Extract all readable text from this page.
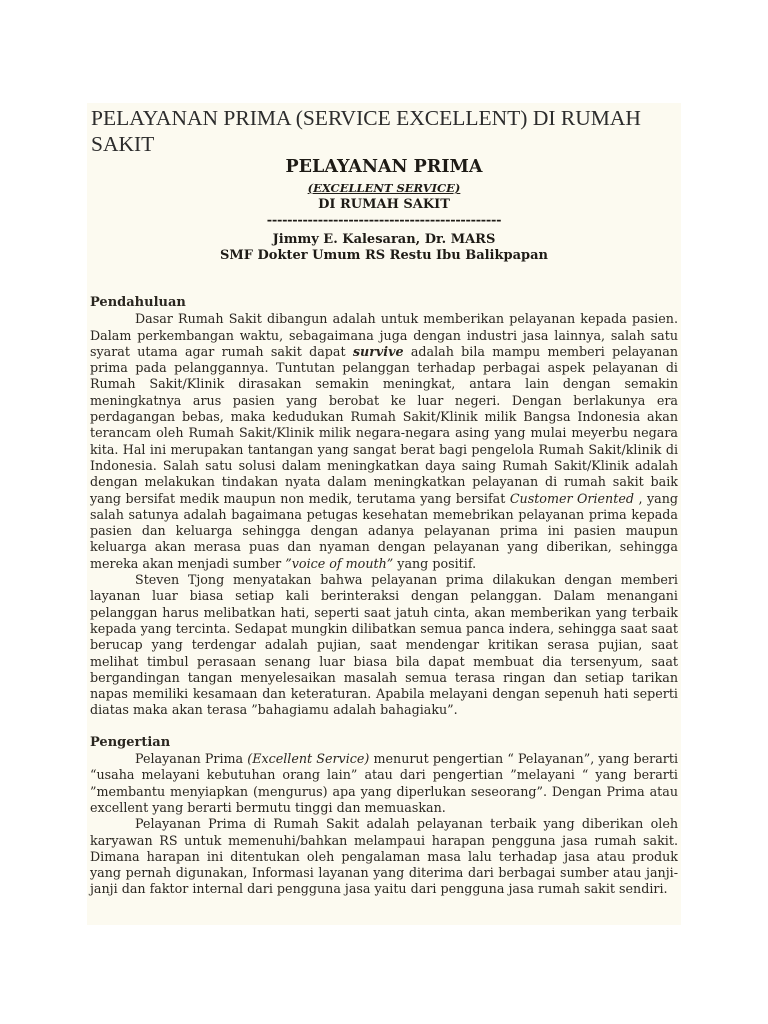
PELAYANAN PRIMA (SERVICE EXCELLENT) DI RUMAH SAKIT
PELAYANAN PRIMA
(EXCELLENT SERVICE)
DI RUMAH SAKIT
----------------------------------------------
Jimmy E. Kalesaran, Dr. MARS
SMF Dokter Umum RS Restu Ibu Balikpapan

Pendahuluan

Dasar Rumah Sakit dibangun adalah untuk memberikan pelayanan kepada pasien. Dalam perkembangan waktu, sebagaimana juga dengan industri jasa lainnya, salah satu syarat utama agar rumah sakit dapat survive adalah bila mampu memberi pelayanan prima pada pelanggannya. Tuntutan pelanggan terhadap perbagai aspek pelayanan di Rumah Sakit/Klinik dirasakan semakin meningkat, antara lain dengan semakin meningkatnya arus pasien yang berobat ke luar negeri. Dengan berlakunya era perdagangan bebas, maka kedudukan Rumah Sakit/Klinik milik Bangsa Indonesia akan terancam oleh Rumah Sakit/Klinik milik negara-negara asing yang mulai meyerbu negara kita. Hal ini merupakan tantangan yang sangat berat bagi pengelola Rumah Sakit/klinik di Indonesia. Salah satu solusi dalam meningkatkan daya saing Rumah Sakit/Klinik adalah dengan melakukan tindakan nyata dalam meningkatkan pelayanan di rumah sakit baik yang bersifat medik maupun non medik, terutama yang bersifat Customer Oriented , yang salah satunya adalah bagaimana petugas kesehatan memebrikan pelayanan prima kepada pasien dan keluarga sehingga dengan adanya pelayanan prima ini pasien maupun keluarga akan merasa puas dan nyaman dengan pelayanan yang diberikan, sehingga mereka akan menjadi sumber ”voice of mouth” yang positif.

Steven Tjong menyatakan bahwa pelayanan prima dilakukan dengan memberi layanan luar biasa setiap kali berinteraksi dengan pelanggan. Dalam menangani pelanggan harus melibatkan hati, seperti saat jatuh cinta, akan memberikan yang terbaik kepada yang tercinta. Sedapat mungkin dilibatkan semua panca indera, sehingga saat saat berucap yang terdengar adalah pujian, saat mendengar kritikan serasa pujian, saat melihat timbul perasaan senang luar biasa bila dapat membuat dia tersenyum, saat bergandingan tangan menyelesaikan masalah semua terasa ringan dan setiap tarikan napas memiliki kesamaan dan keteraturan. Apabila melayani dengan sepenuh hati seperti diatas maka akan terasa ”bahagiamu adalah bahagiaku”.

Pengertian

Pelayanan Prima (Excellent Service) menurut pengertian “ Pelayanan”, yang berarti “usaha melayani kebutuhan orang lain” atau dari pengertian ”melayani “ yang berarti ”membantu menyiapkan (mengurus) apa yang diperlukan seseorang”. Dengan Prima atau excellent yang berarti bermutu tinggi dan memuaskan.

Pelayanan Prima di Rumah Sakit adalah pelayanan terbaik yang diberikan oleh karyawan RS untuk memenuhi/bahkan melampaui harapan pengguna jasa rumah sakit. Dimana harapan ini ditentukan oleh pengalaman masa lalu terhadap jasa atau produk yang pernah digunakan, Informasi layanan yang diterima dari berbagai sumber atau janji-janji dan faktor internal dari pengguna jasa yaitu dari pengguna jasa rumah sakit sendiri.
